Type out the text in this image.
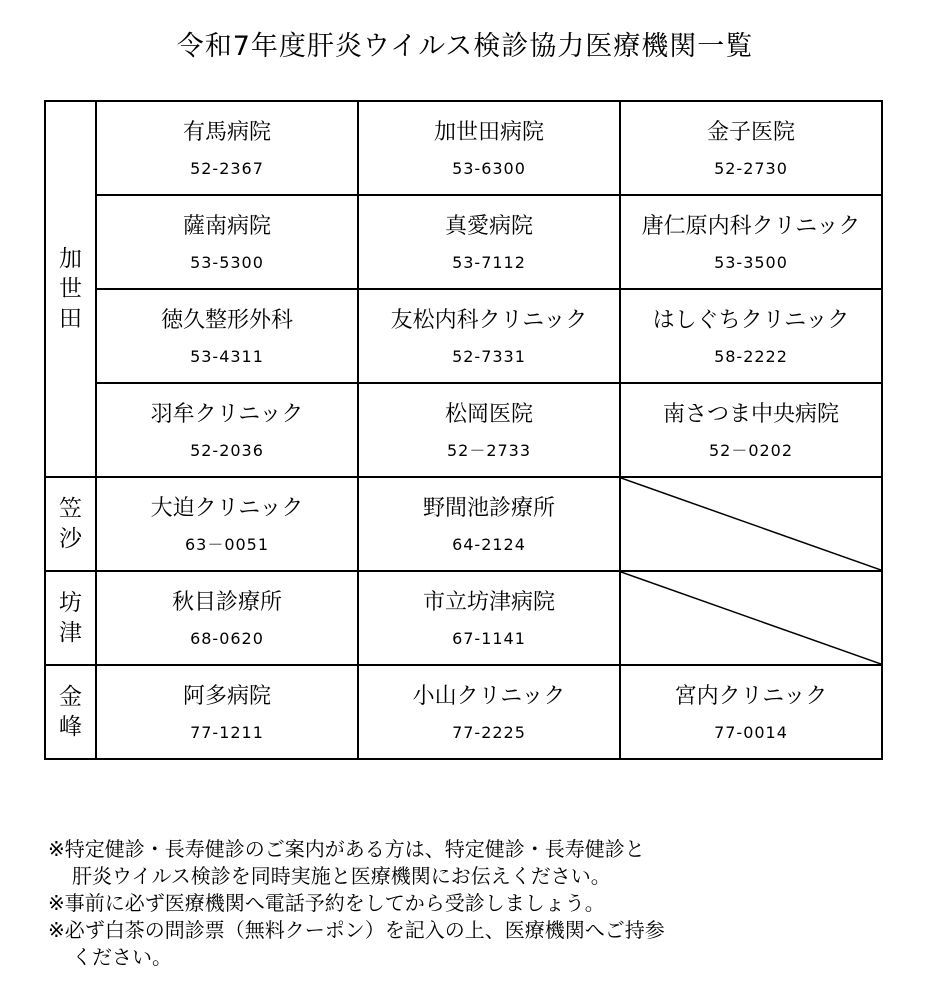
令和7年度肝炎ウイルス検診協力医療機関一覧
加
世
田	有馬病院
52-2367	加世田病院
53-6300	金子医院
52-2730

	薩南病院
53-5300	真愛病院
53-7112	唐仁原内科クリニック
53-3500

	徳久整形外科
53-4311	友松内科クリニック
52-7331	はしぐちクリニック
58-2222

	羽牟クリニック
52-2036	松岡医院
52－2733	南さつま中央病院
52－0202

笠
沙	大迫クリニック
63－0051	野間池診療所
64-2124

坊
津	秋目診療所
68-0620	市立坊津病院
67-1141

金
峰	阿多病院
77-1211	小山クリニック
77-2225	宮内クリニック
77-0014

※特定健診・長寿健診のご案内がある方は、特定健診・長寿健診と

肝炎ウイルス検診を同時実施と医療機関にお伝えください。

※事前に必ず医療機関へ電話予約をしてから受診しましょう。

※必ず白茶の問診票（無料クーポン）を記入の上、医療機関へご持参

ください。
